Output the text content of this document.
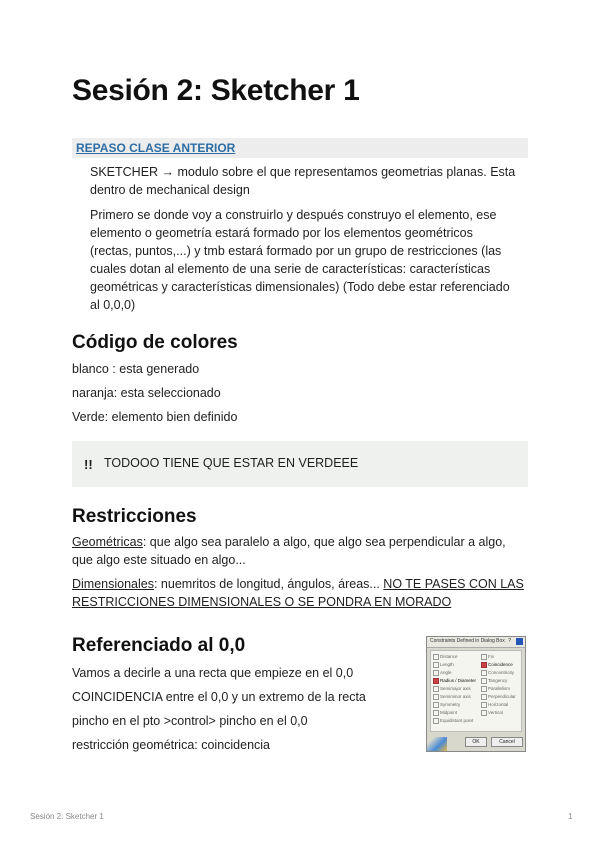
Sesión 2: Sketcher 1
REPASO CLASE ANTERIOR
SKETCHER → modulo sobre el que representamos geometrias planas. Esta
dentro de mechanical design
Primero se donde voy a construirlo y después construyo el elemento, ese
elemento o geometría estará formado por los elementos geométricos
(rectas, puntos,...) y tmb estará formado por un grupo de restricciones (las
cuales dotan al elemento de una serie de características: características
geométricas y características dimensionales) (Todo debe estar referenciado
al 0,0,0)
Código de colores
blanco : esta generado
naranja: esta seleccionado
Verde: elemento bien definido
!! TODOOO TIENE QUE ESTAR EN VERDEEE
Restricciones
Geométricas: que algo sea paralelo a algo, que algo sea perpendicular a algo,
que algo este situado en algo...
Dimensionales: nuemritos de longitud, ángulos, áreas... NO TE PASES CON LAS
RESTRICCIONES DIMENSIONALES O SE PONDRA EN MORADO
Referenciado al 0,0
Vamos a decirle a una recta que empieze en el 0,0
COINCIDENCIA entre el 0,0 y un extremo de la recta
pincho en el pto >control> pincho en el 0,0
restricción geométrica: coincidencia
Constraints Defined in Dialog Box ?
Distance
Length
Angle
Radius / Diameter
Semimajor axis
Semiminor axis
Symmetry
Midpoint
Equidistant point
Fix
Coincidence
Concentricity
Tangency
Parallelism
Perpendicular
Horizontal
Vertical
OK	Cancel
Sesión 2: Sketcher 1	1
